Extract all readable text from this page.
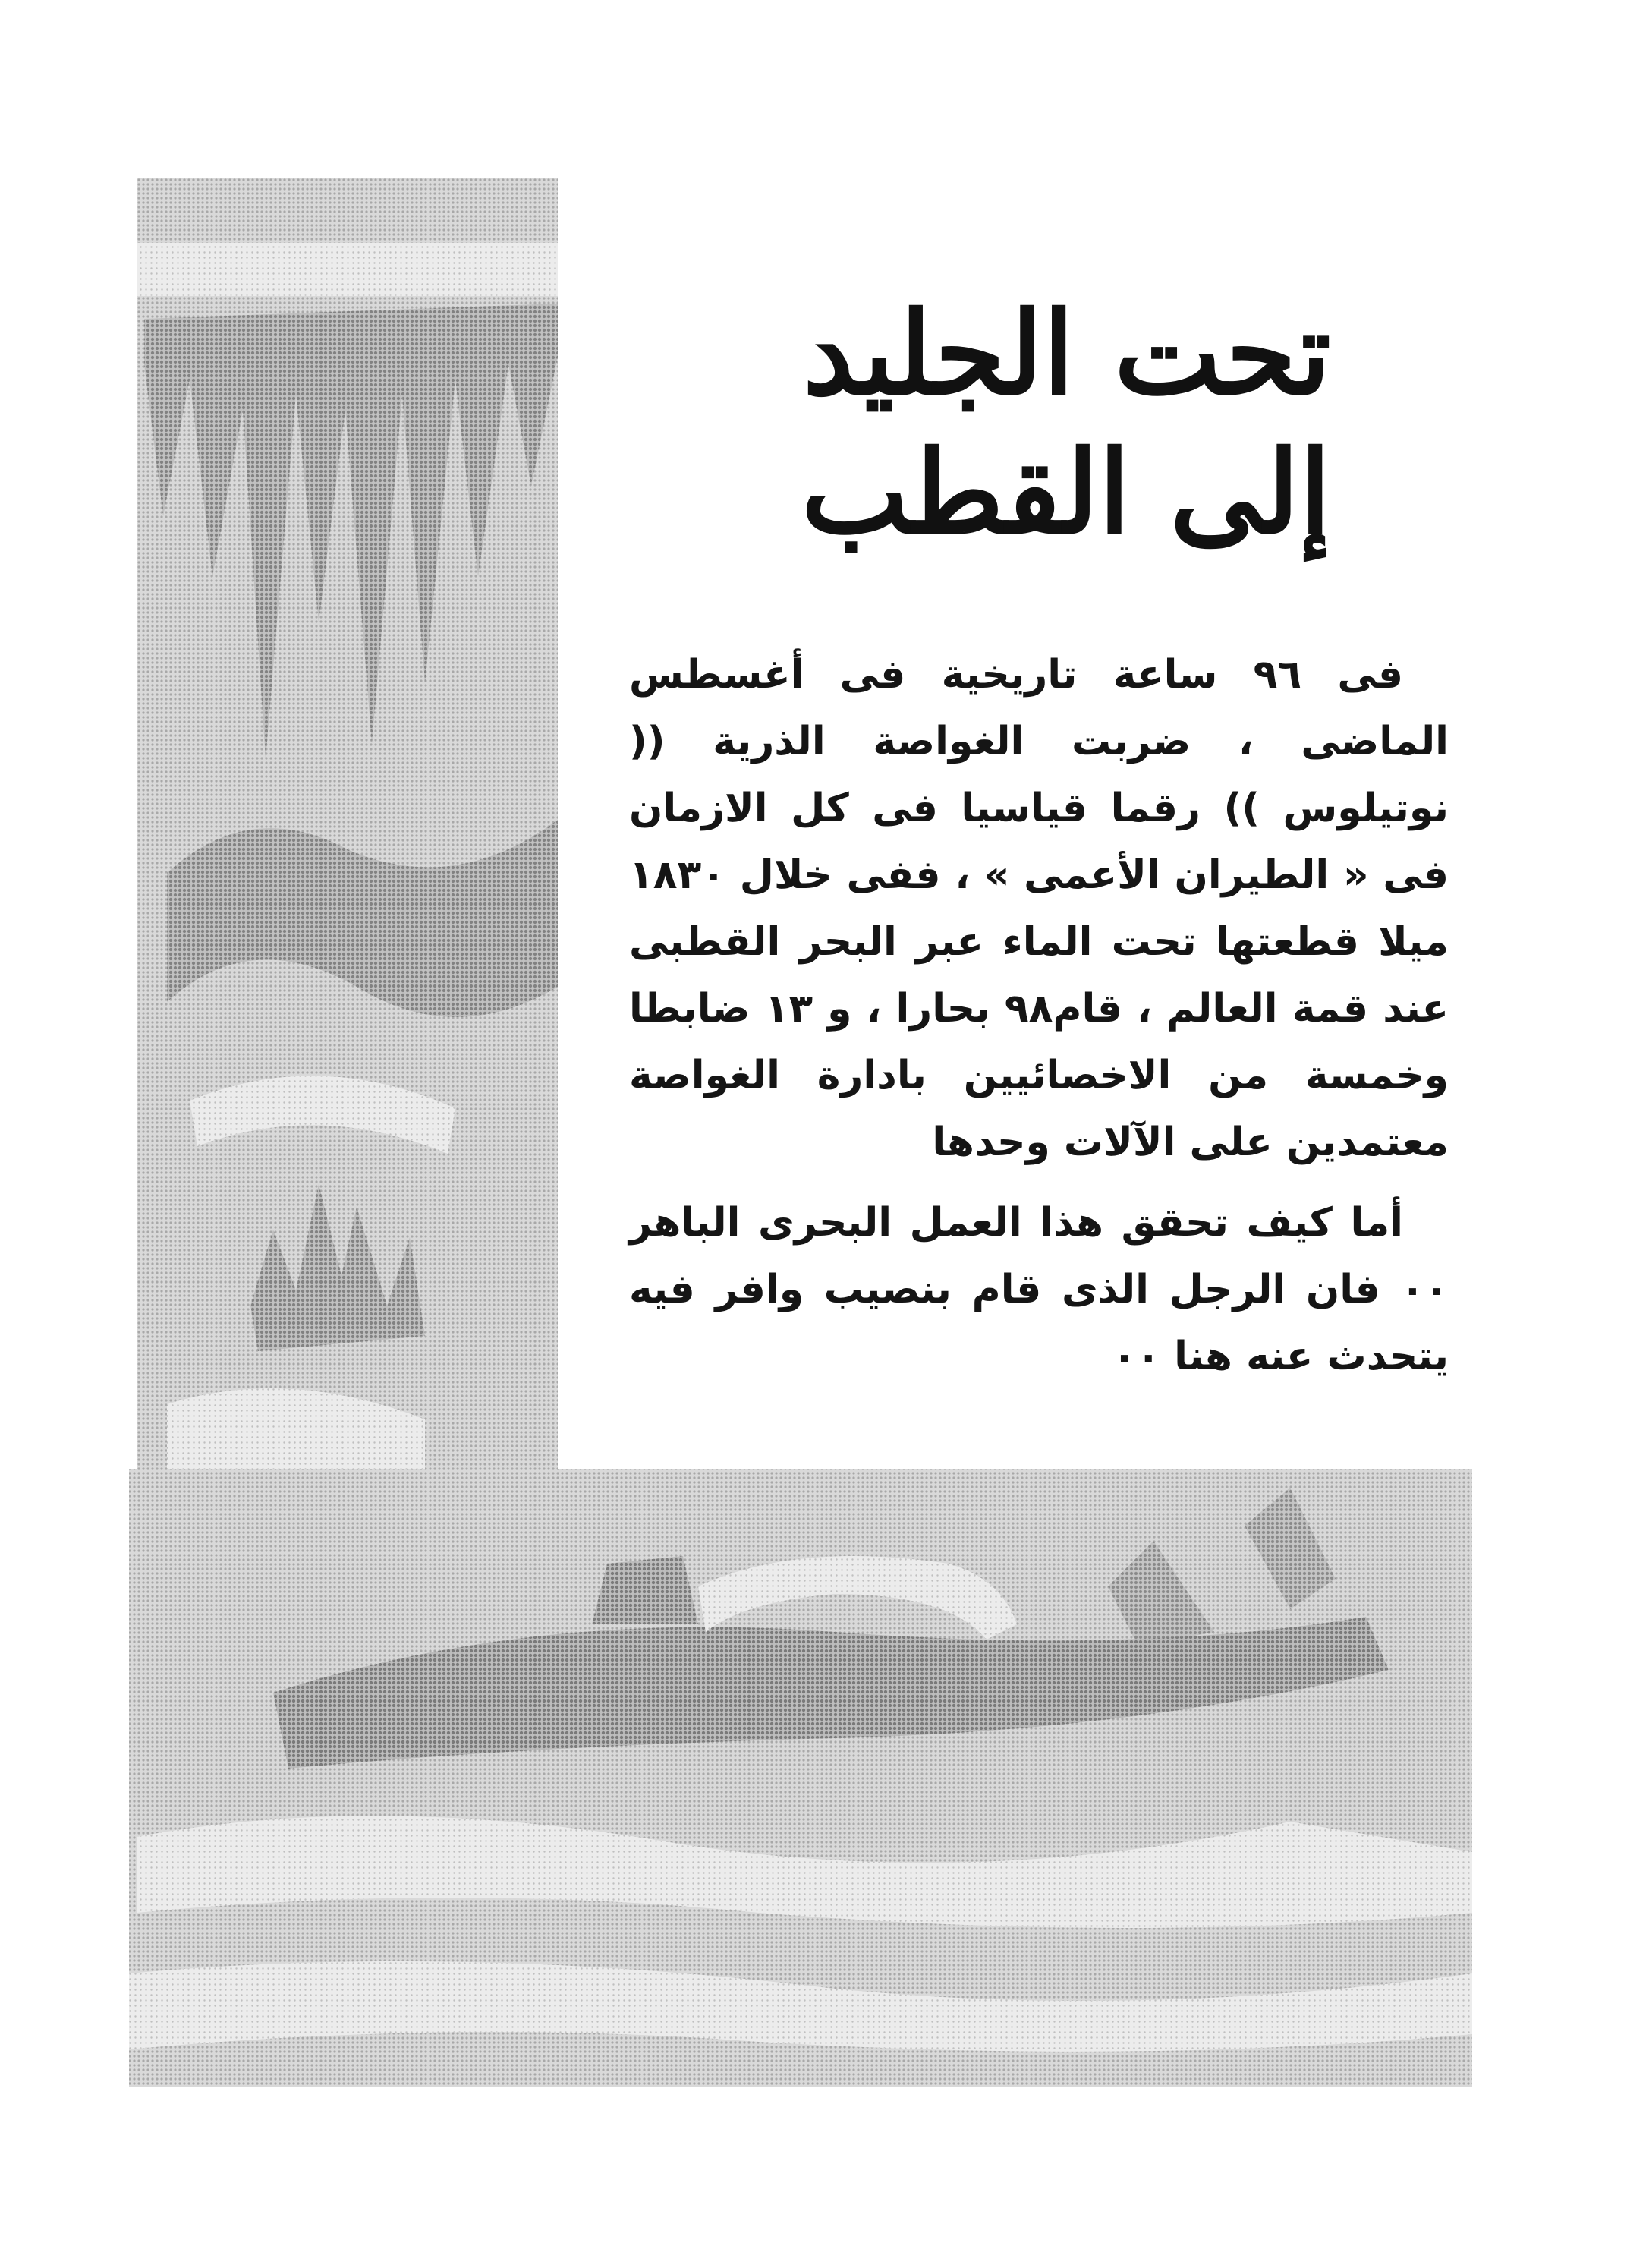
تحت الجليد
إلى القطب

فى ٩٦ ساعة تاريخية فى أغسطس الماضى ، ضربت الغواصة الذرية (( نوتيلوس )) رقما قياسيا فى كل الازمان فى « الطيران الأعمى » ، ففى خلال ١٨٣٠ ميلا قطعتها تحت الماء عبر البحر القطبى عند قمة العالم ، قام٩٨ بحارا ، و ١٣ ضابطا وخمسة من الاخصائيين بادارة الغواصة معتمدين على الآلات وحدها

أما كيف تحقق هذا العمل البحرى الباهر ٠٠ فان الرجل الذى قام بنصيب وافر فيه يتحدث عنه هنا ٠٠
